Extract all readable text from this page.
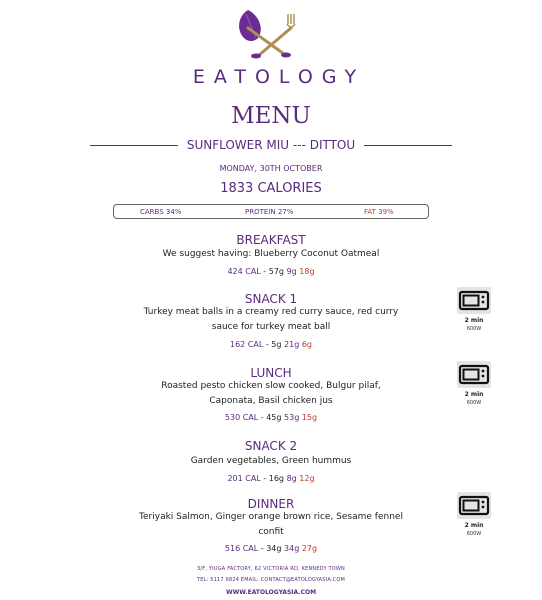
EATOLOGY
MENU
SUNFLOWER MIU --- DITTOU
MONDAY, 30TH OCTOBER
1833 CALORIES
CARBS 34%	PROTEIN 27%	FAT 39%
BREAKFAST
We suggest having: Blueberry Coconut Oatmeal
424 CAL - 57g 9g 18g
SNACK 1
Turkey meat balls in a creamy red curry sauce, red curry
sauce for turkey meat ball
162 CAL - 5g 21g 6g
2 min
600W
LUNCH
Roasted pesto chicken slow cooked, Bulgur pilaf,
Caponata, Basil chicken jus
530 CAL - 45g 53g 15g
2 min
600W
SNACK 2
Garden vegetables, Green hummus
201 CAL - 16g 8g 12g
DINNER
Teriyaki Salmon, Ginger orange brown rice, Sesame fennel
confit
516 CAL - 34g 34g 27g
2 min
600W
3/F, YIUGA FACTORY, 62 VICTORIA RD, KENNEDY TOWN
TEL: 5117 6824 EMAIL: CONTACT@EATOLOGYASIA.COM
WWW.EATOLOGYASIA.COM
